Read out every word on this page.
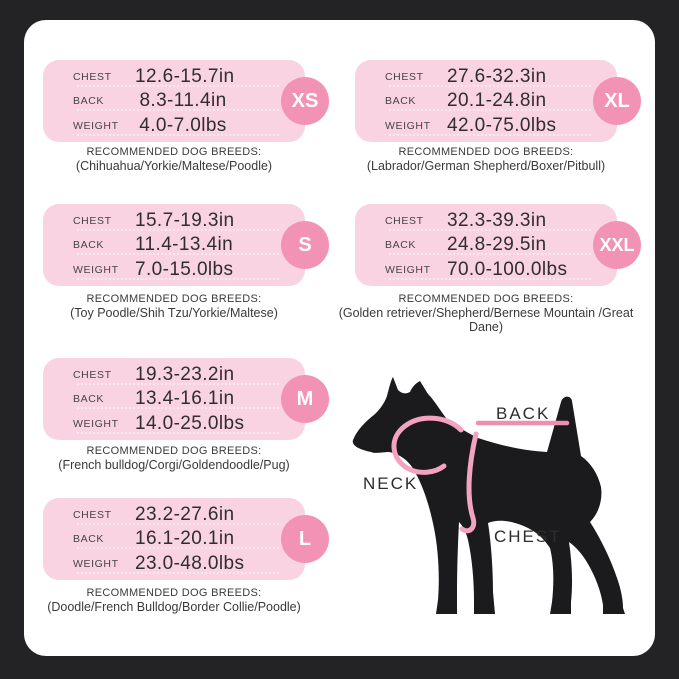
CHEST	12.6-15.7in
BACK	8.3-11.4in
WEIGHT	4.0-7.0lbs
XS
RECOMMENDED DOG BREEDS:
(Chihuahua/Yorkie/Maltese/Poodle)
CHEST	27.6-32.3in
BACK	20.1-24.8in
WEIGHT 42.0-75.0lbs
XL
RECOMMENDED DOG BREEDS:
(Labrador/German Shepherd/Boxer/Pitbull)
CHEST	15.7-19.3in
BACK	11.4-13.4in
WEIGHT 7.0-15.0lbs
S
RECOMMENDED DOG BREEDS:
(Toy Poodle/Shih Tzu/Yorkie/Maltese)
CHEST	32.3-39.3in
BACK	24.8-29.5in
WEIGHT 70.0-100.0lbs
XXL
RECOMMENDED DOG BREEDS:
(Golden retriever/Shepherd/Bernese Mountain /Great Dane)
CHEST	19.3-23.2in
BACK	13.4-16.1in
WEIGHT 14.0-25.0lbs
M
RECOMMENDED DOG BREEDS:
(French bulldog/Corgi/Goldendoodle/Pug)
CHEST	23.2-27.6in
BACK	16.1-20.1in
WEIGHT 23.0-48.0lbs
L
RECOMMENDED DOG BREEDS:
(Doodle/French Bulldog/Border Collie/Poodle)
BACK
NECK
CHEST
